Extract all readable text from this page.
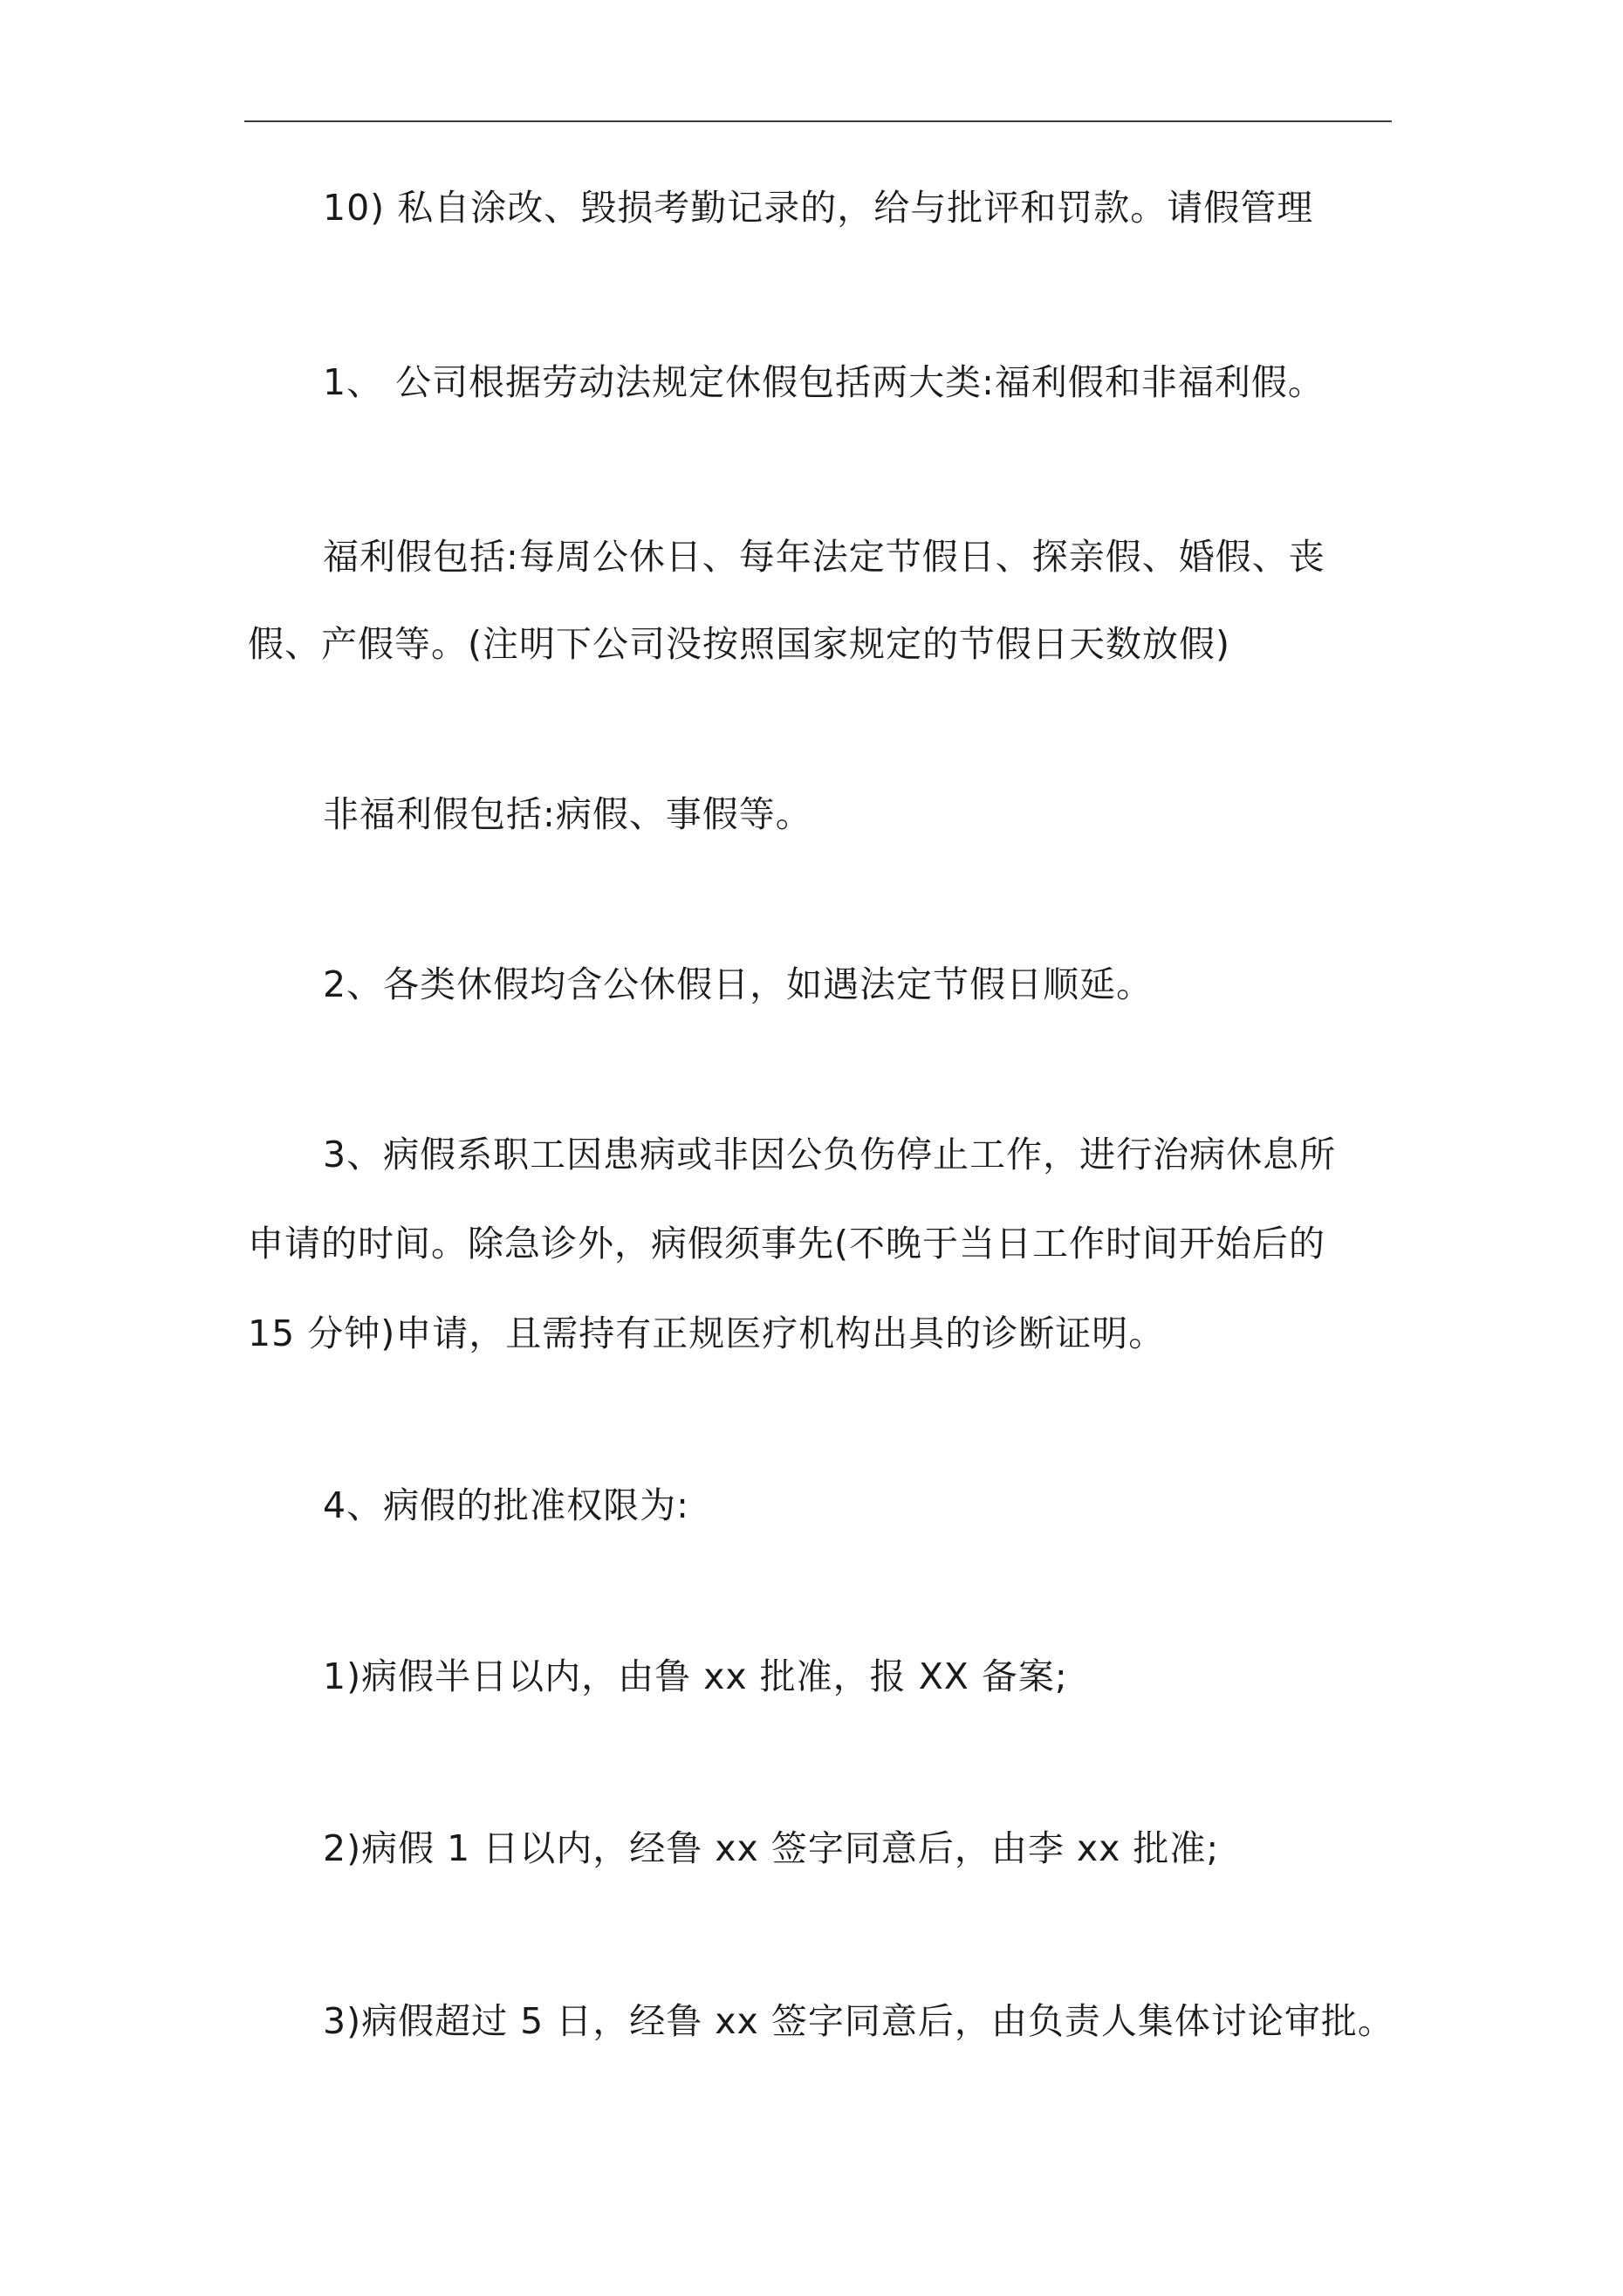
10) 私自涂改、毁损考勤记录的，给与批评和罚款。请假管理
1、 公司根据劳动法规定休假包括两大类:福利假和非福利假。
福利假包括:每周公休日、每年法定节假日、探亲假、婚假、丧
假、产假等。(注明下公司没按照国家规定的节假日天数放假)
非福利假包括:病假、事假等。
2、各类休假均含公休假日，如遇法定节假日顺延。
3、病假系职工因患病或非因公负伤停止工作，进行治病休息所
申请的时间。除急诊外，病假须事先(不晚于当日工作时间开始后的
15 分钟)申请，且需持有正规医疗机构出具的诊断证明。
4、病假的批准权限为:
1)病假半日以内，由鲁 xx 批准，报 XX 备案;
2)病假 1 日以内，经鲁 xx 签字同意后，由李 xx 批准;
3)病假超过 5 日，经鲁 xx 签字同意后，由负责人集体讨论审批。
